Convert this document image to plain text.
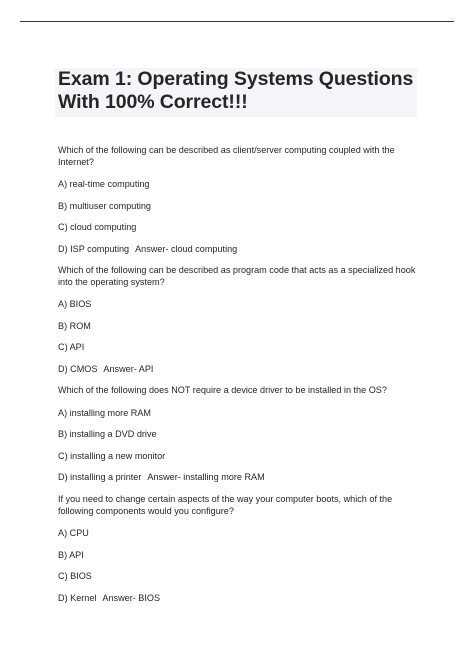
Exam 1: Operating Systems Questions
With 100% Correct!!!

Which of the following can be described as client/server computing coupled with the Internet?

A) real-time computing

B) multiuser computing

C) cloud computing

D) ISP computing Answer- cloud computing

Which of the following can be described as program code that acts as a specialized hook into the operating system?

A) BIOS

B) ROM

C) API

D) CMOS Answer- API

Which of the following does NOT require a device driver to be installed in the OS?

A) installing more RAM

B) installing a DVD drive

C) installing a new monitor

D) installing a printer Answer- installing more RAM

If you need to change certain aspects of the way your computer boots, which of the following components would you configure?

A) CPU

B) API

C) BIOS

D) Kernel Answer- BIOS
